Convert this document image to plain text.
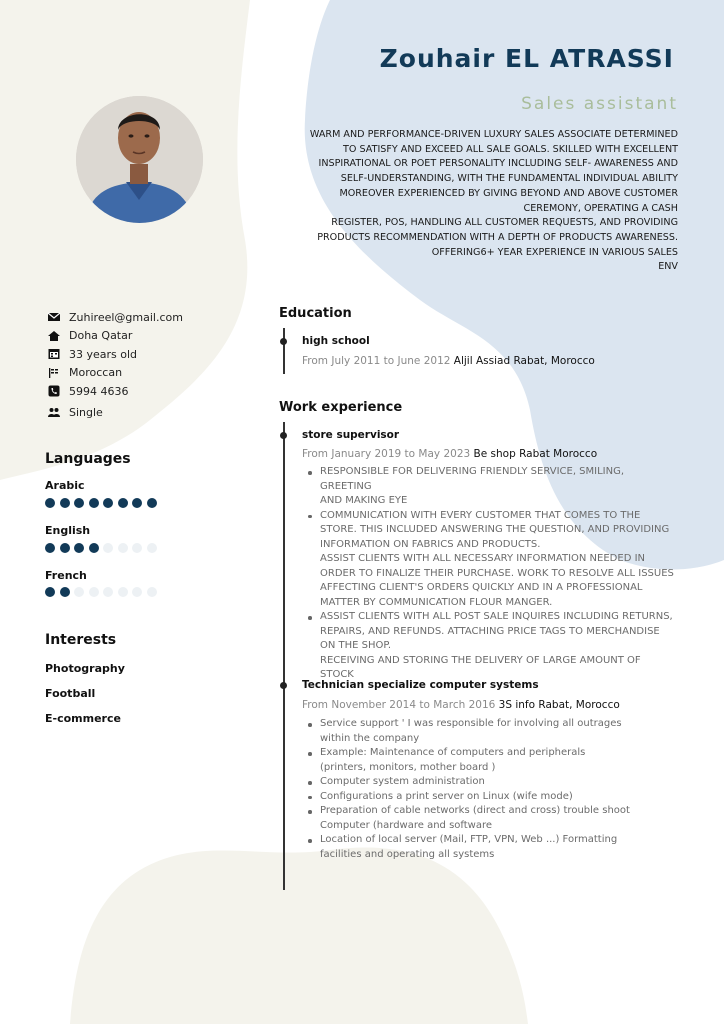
Zouhair EL ATRASSI
Sales assistant
WARM AND PERFORMANCE-DRIVEN LUXURY SALES ASSOCIATE DETERMINED
TO SATISFY AND EXCEED ALL SALE GOALS. SKILLED WITH EXCELLENT
INSPIRATIONAL OR POET PERSONALITY INCLUDING SELF- AWARENESS AND
SELF-UNDERSTANDING, WITH THE FUNDAMENTAL INDIVIDUAL ABILITY
MOREOVER EXPERIENCED BY GIVING BEYOND AND ABOVE CUSTOMER
CEREMONY, OPERATING A CASH
REGISTER, POS, HANDLING ALL CUSTOMER REQUESTS, AND PROVIDING
PRODUCTS RECOMMENDATION WITH A DEPTH OF PRODUCTS AWARENESS.
OFFERING6+ YEAR EXPERIENCE IN VARIOUS SALES
ENV
Zuhireel@gmail.com
Doha Qatar
33 years old
Moroccan
5994 4636
Single
Languages
Arabic
English
French
Interests
Photography
Football
E-commerce
Education
high school
From July 2011 to June 2012 Aljil Assiad Rabat, Morocco
Work experience
store supervisor
From January 2019 to May 2023 Be shop Rabat Morocco
RESPONSIBLE FOR DELIVERING FRIENDLY SERVICE, SMILING, GREETING
AND MAKING EYE
COMMUNICATION WITH EVERY CUSTOMER THAT COMES TO THE
STORE. THIS INCLUDED ANSWERING THE QUESTION, AND PROVIDING
INFORMATION ON FABRICS AND PRODUCTS.
ASSIST CLIENTS WITH ALL NECESSARY INFORMATION NEEDED IN
ORDER TO FINALIZE THEIR PURCHASE. WORK TO RESOLVE ALL ISSUES
AFFECTING CLIENT'S ORDERS QUICKLY AND IN A PROFESSIONAL
MATTER BY COMMUNICATION FLOUR MANGER.
ASSIST CLIENTS WITH ALL POST SALE INQUIRES INCLUDING RETURNS,
REPAIRS, AND REFUNDS. ATTACHING PRICE TAGS TO MERCHANDISE
ON THE SHOP.
RECEIVING AND STORING THE DELIVERY OF LARGE AMOUNT OF
STOCK
Technician specialize computer systems
From November 2014 to March 2016 3S info Rabat, Morocco
Service support ' I was responsible for involving all outrages
within the company
Example: Maintenance of computers and peripherals
(printers, monitors, mother board )
Computer system administration
Configurations a print server on Linux (wife mode)
Preparation of cable networks (direct and cross) trouble shoot
Computer (hardware and software
Location of local server (Mail, FTP, VPN, Web ...) Formatting
facilities and operating all systems
